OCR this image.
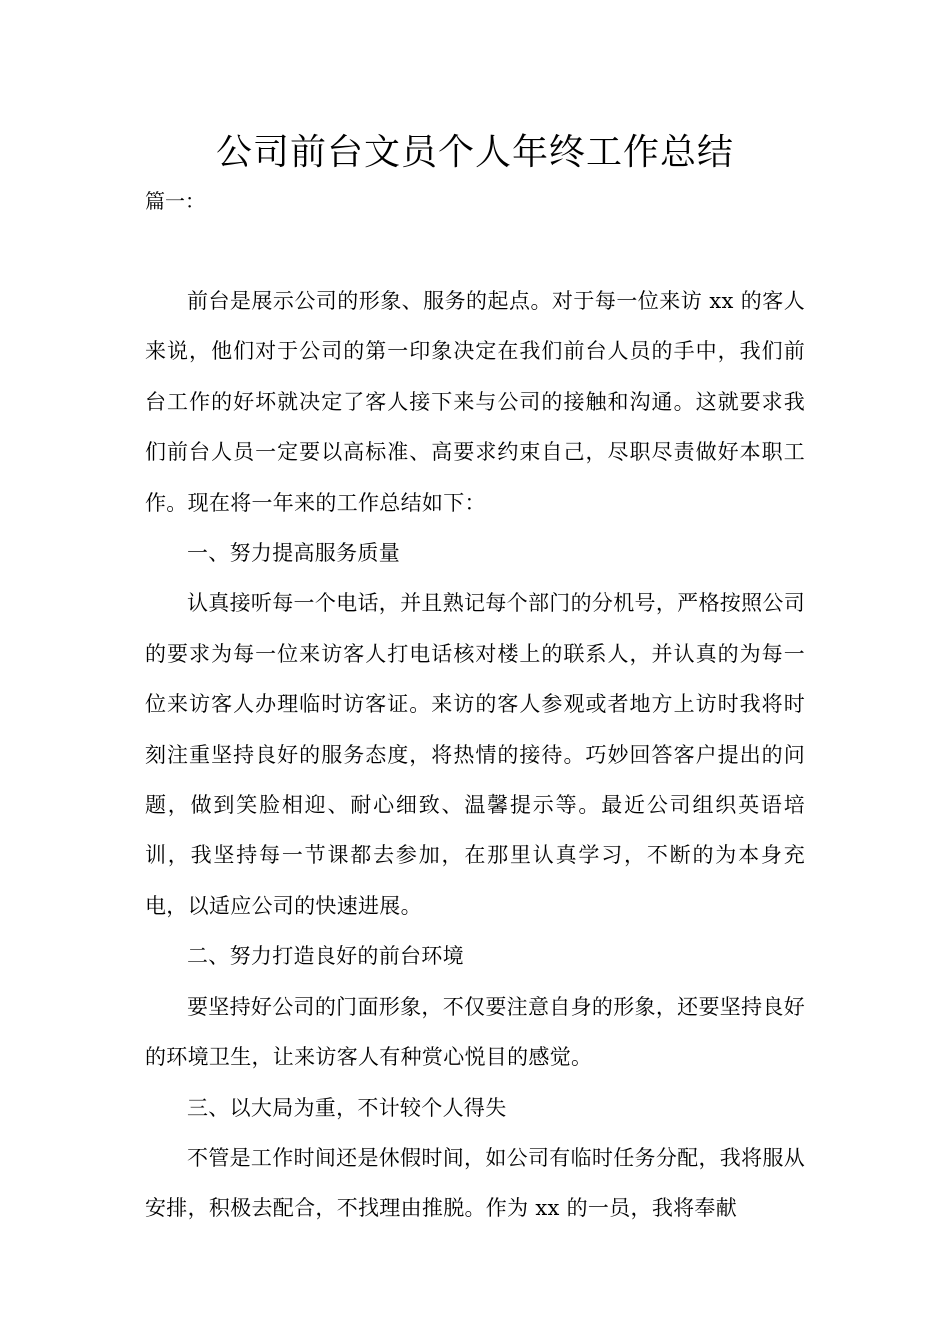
公司前台文员个人年终工作总结
篇一：

前台是展示公司的形象、服务的起点。对于每一位来访 xx 的客人来说，他们对于公司的第一印象决定在我们前台人员的手中，我们前台工作的好坏就决定了客人接下来与公司的接触和沟通。这就要求我们前台人员一定要以高标准、高要求约束自己，尽职尽责做好本职工作。现在将一年来的工作总结如下：

一、努力提高服务质量

认真接听每一个电话，并且熟记每个部门的分机号，严格按照公司的要求为每一位来访客人打电话核对楼上的联系人，并认真的为每一位来访客人办理临时访客证。来访的客人参观或者地方上访时我将时刻注重坚持良好的服务态度，将热情的接待。巧妙回答客户提出的问题，做到笑脸相迎、耐心细致、温馨提示等。最近公司组织英语培训，我坚持每一节课都去参加，在那里认真学习，不断的为本身充电，以适应公司的快速进展。

二、努力打造良好的前台环境

要坚持好公司的门面形象，不仅要注意自身的形象，还要坚持良好的环境卫生，让来访客人有种赏心悦目的感觉。

三、以大局为重，不计较个人得失

不管是工作时间还是休假时间，如公司有临时任务分配，我将服从安排，积极去配合，不找理由推脱。作为 xx 的一员，我将奉献
